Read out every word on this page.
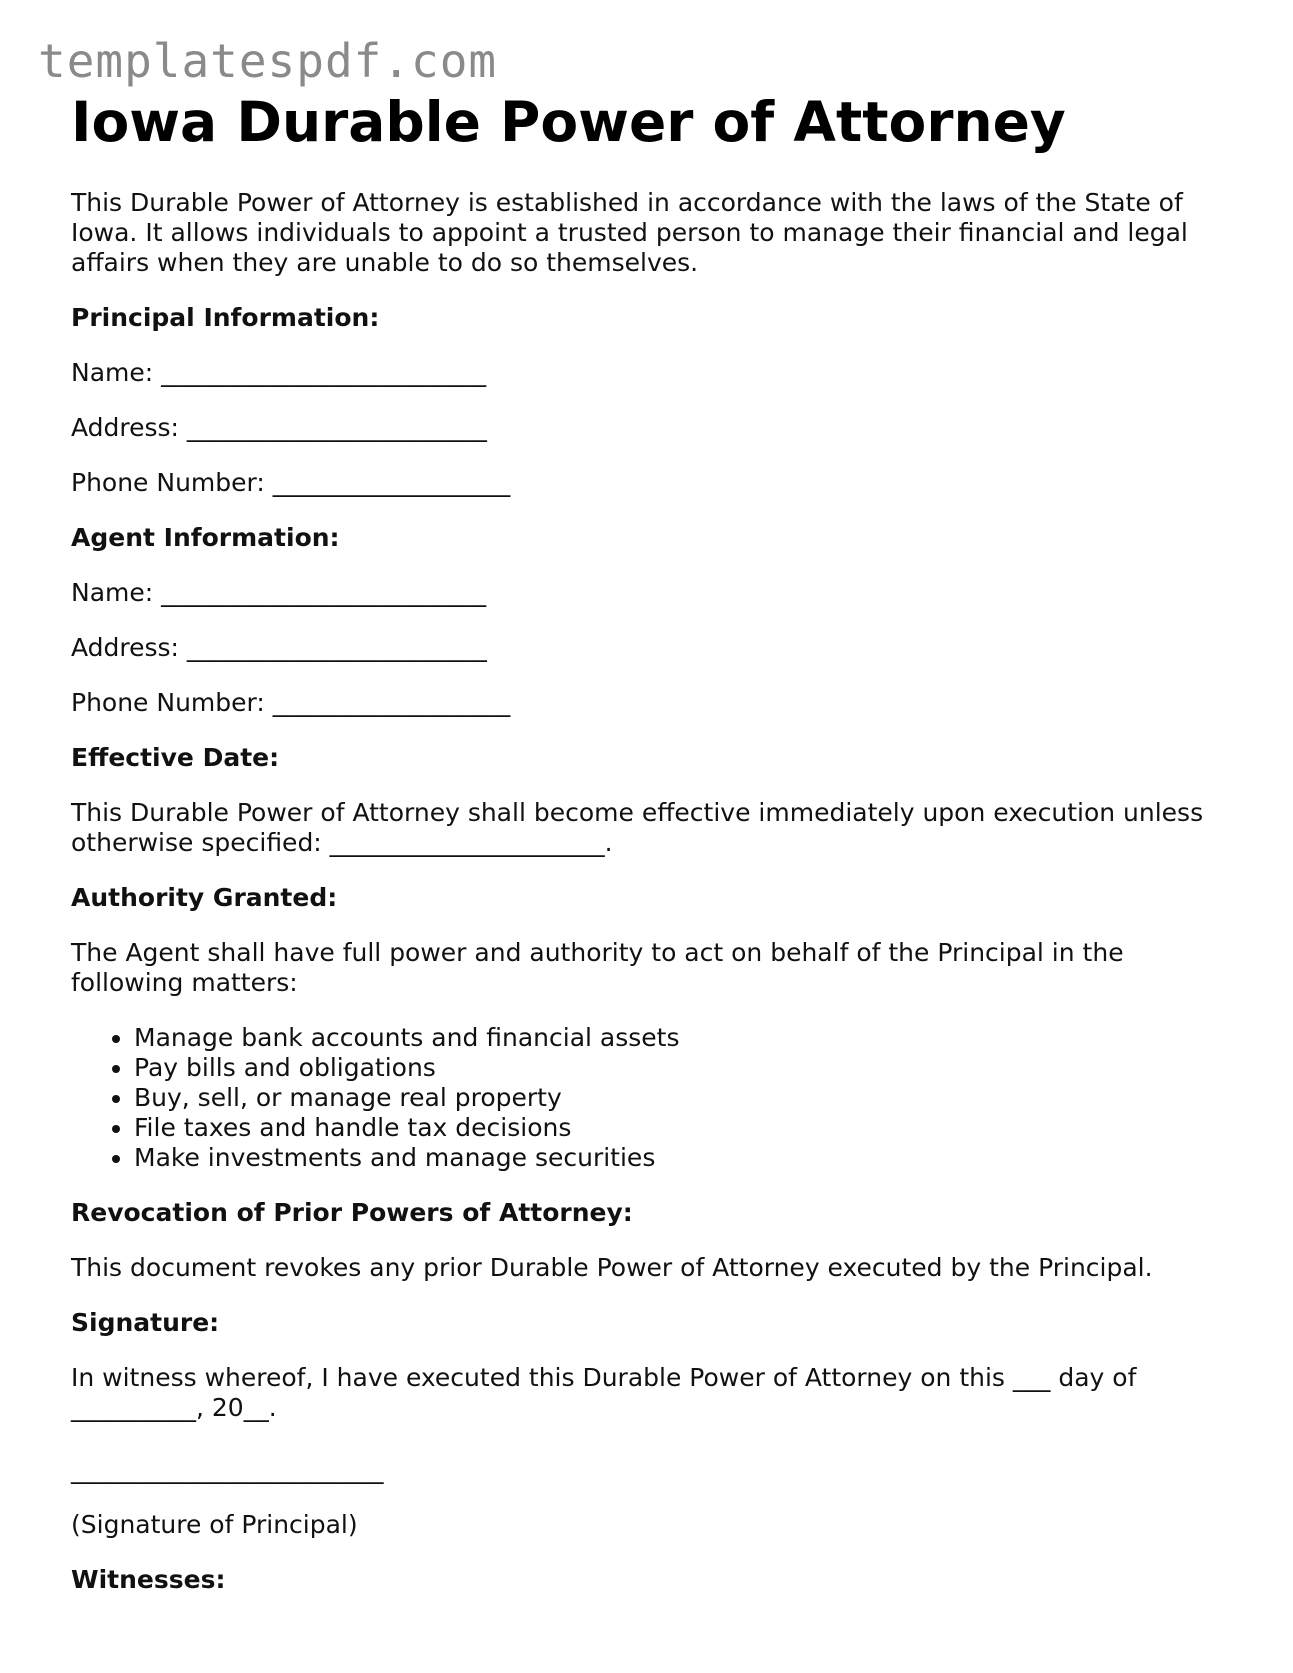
templatespdf.com
Iowa Durable Power of Attorney

This Durable Power of Attorney is established in accordance with the laws of the State of Iowa. It allows individuals to appoint a trusted person to manage their financial and legal affairs when they are unable to do so themselves.

Principal Information:

Name: __________________________

Address: ________________________

Phone Number: ___________________

Agent Information:

Name: __________________________

Address: ________________________

Phone Number: ___________________

Effective Date:

This Durable Power of Attorney shall become effective immediately upon execution unless otherwise specified: ______________________.

Authority Granted:

The Agent shall have full power and authority to act on behalf of the Principal in the following matters:

• Manage bank accounts and financial assets
• Pay bills and obligations
• Buy, sell, or manage real property
• File taxes and handle tax decisions
• Make investments and manage securities

Revocation of Prior Powers of Attorney:

This document revokes any prior Durable Power of Attorney executed by the Principal.

Signature:

In witness whereof, I have executed this Durable Power of Attorney on this ___ day of __________, 20__.

_________________________

(Signature of Principal)

Witnesses:
